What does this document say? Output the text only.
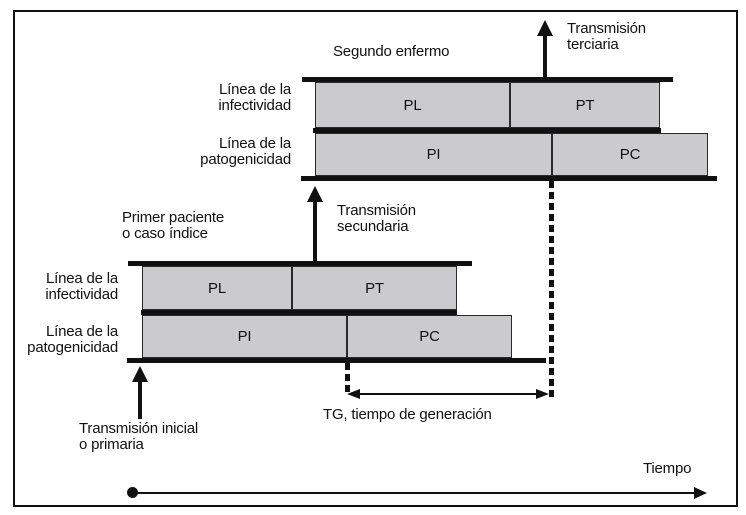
Segundo enfermo
Transmisión
terciaria
Línea de la
infectividad
Línea de la
patogenicidad
PL	PT
PI	PC
Primer paciente
o caso índice
Transmisión
secundaria
Línea de la
infectividad
Línea de la
patogenicidad
PL	PT
PI	PC
Transmisión inicial
o primaria
TG, tiempo de generación
Tiempo
